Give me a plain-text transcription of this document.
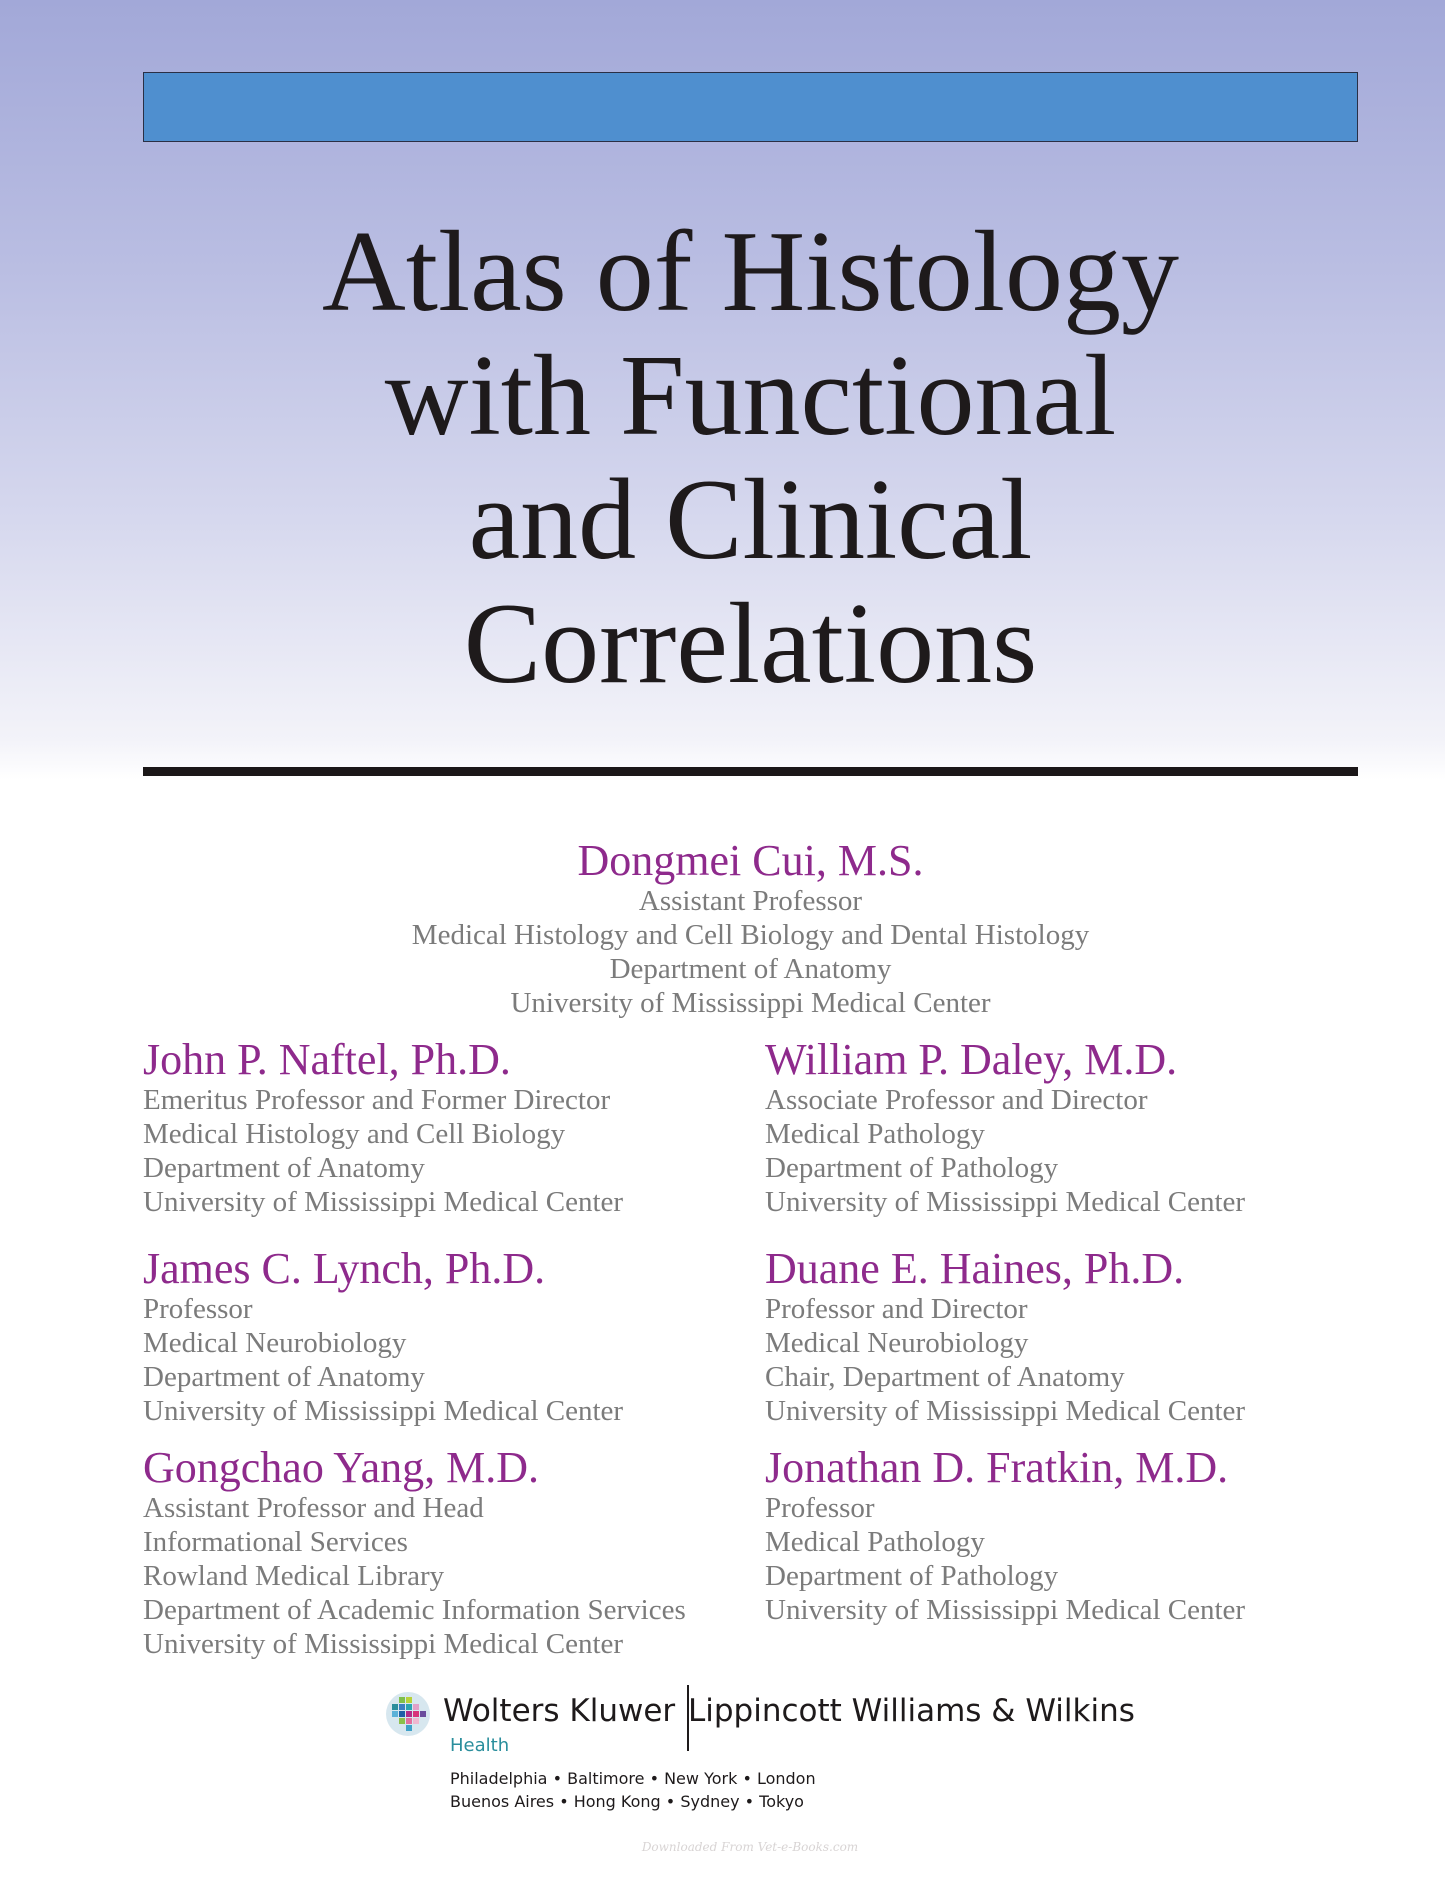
Atlas of Histology
with Functional
and Clinical
Correlations
Dongmei Cui, M.S.
Assistant Professor
Medical Histology and Cell Biology and Dental Histology
Department of Anatomy
University of Mississippi Medical Center
John P. Naftel, Ph.D.
Emeritus Professor and Former Director
Medical Histology and Cell Biology
Department of Anatomy
University of Mississippi Medical Center
William P. Daley, M.D.
Associate Professor and Director
Medical Pathology
Department of Pathology
University of Mississippi Medical Center
James C. Lynch, Ph.D.
Professor
Medical Neurobiology
Department of Anatomy
University of Mississippi Medical Center
Duane E. Haines, Ph.D.
Professor and Director
Medical Neurobiology
Chair, Department of Anatomy
University of Mississippi Medical Center
Gongchao Yang, M.D.
Assistant Professor and Head
Informational Services
Rowland Medical Library
Department of Academic Information Services
University of Mississippi Medical Center
Jonathan D. Fratkin, M.D.
Professor
Medical Pathology
Department of Pathology
University of Mississippi Medical Center
Wolters Kluwer
Health
Lippincott Williams & Wilkins
Philadelphia • Baltimore • New York • London
Buenos Aires • Hong Kong • Sydney • Tokyo
Downloaded From Vet-e-Books.com
